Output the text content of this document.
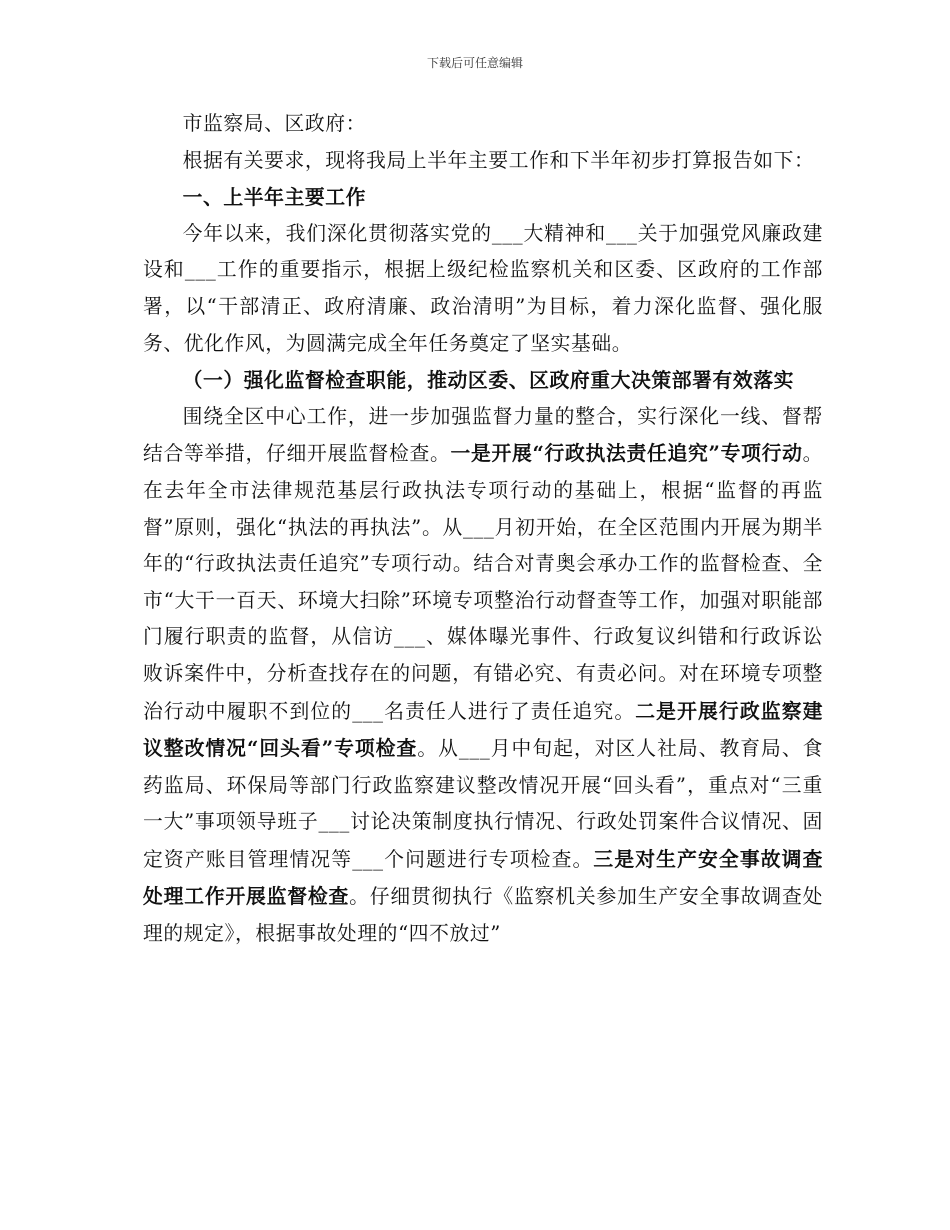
下载后可任意编辑

市监察局、区政府：

根据有关要求，现将我局上半年主要工作和下半年初步打算报告如下：

一、上半年主要工作

今年以来，我们深化贯彻落实党的___大精神和___关于加强党风廉政建设和___工作的重要指示，根据上级纪检监察机关和区委、区政府的工作部署，以“干部清正、政府清廉、政治清明”为目标，着力深化监督、强化服务、优化作风，为圆满完成全年任务奠定了坚实基础。

（一）强化监督检查职能，推动区委、区政府重大决策部署有效落实

围绕全区中心工作，进一步加强监督力量的整合，实行深化一线、督帮结合等举措，仔细开展监督检查。一是开展“行政执法责任追究”专项行动。在去年全市法律规范基层行政执法专项行动的基础上，根据“监督的再监督”原则，强化“执法的再执法”。从___月初开始，在全区范围内开展为期半年的“行政执法责任追究”专项行动。结合对青奥会承办工作的监督检查、全市“大干一百天、环境大扫除”环境专项整治行动督查等工作，加强对职能部门履行职责的监督，从信访___、媒体曝光事件、行政复议纠错和行政诉讼败诉案件中，分析查找存在的问题，有错必究、有责必问。对在环境专项整治行动中履职不到位的___名责任人进行了责任追究。二是开展行政监察建议整改情况“回头看”专项检查。从___月中旬起，对区人社局、教育局、食药监局、环保局等部门行政监察建议整改情况开展“回头看”，重点对“三重一大”事项领导班子___讨论决策制度执行情况、行政处罚案件合议情况、固定资产账目管理情况等___个问题进行专项检查。三是对生产安全事故调查处理工作开展监督检查。仔细贯彻执行《监察机关参加生产安全事故调查处理的规定》，根据事故处理的“四不放过”
